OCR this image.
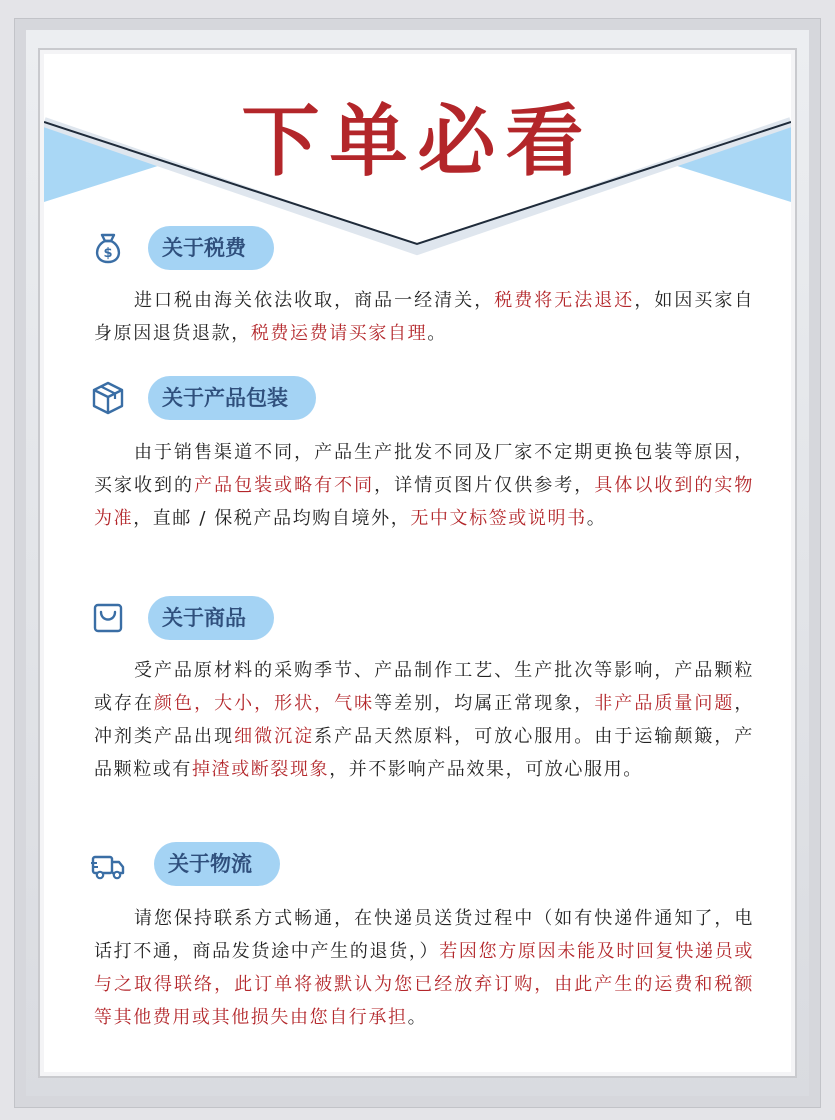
下单必看
$	关于税费
进口税由海关依法收取，商品一经清关，税费将无法退还，如因买家自身原因退货退款，税费运费请买家自理。
关于产品包装
由于销售渠道不同，产品生产批发不同及厂家不定期更换包装等原因，买家收到的产品包装或略有不同，详情页图片仅供参考，具体以收到的实物为准，直邮 / 保税产品均购自境外，无中文标签或说明书。
关于商品
受产品原材料的采购季节、产品制作工艺、生产批次等影响，产品颗粒或存在颜色，大小，形状，气味等差别，均属正常现象，非产品质量问题，冲剂类产品出现细微沉淀系产品天然原料，可放心服用。由于运输颠簸，产品颗粒或有掉渣或断裂现象，并不影响产品效果，可放心服用。
关于物流
请您保持联系方式畅通，在快递员送货过程中（如有快递件通知了，电话打不通，商品发货途中产生的退货，）若因您方原因未能及时回复快递员或与之取得联络，此订单将被默认为您已经放弃订购，由此产生的运费和税额等其他费用或其他损失由您自行承担。
